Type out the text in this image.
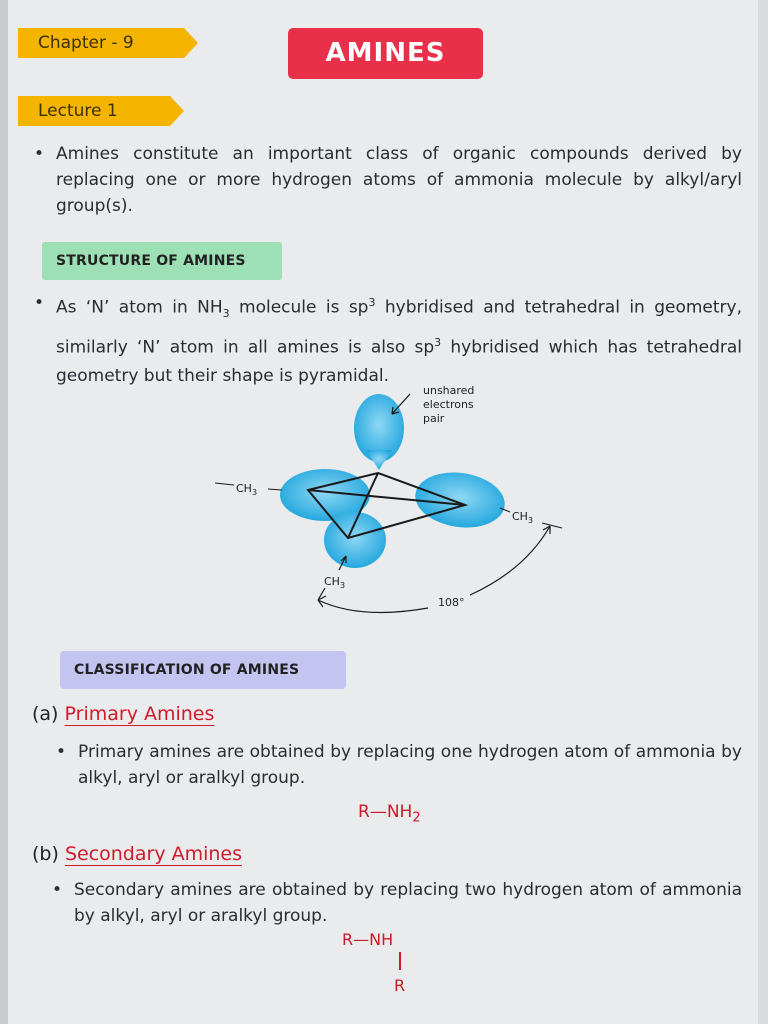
Chapter - 9	AMINES
Lecture 1
• Amines constitute an important class of organic compounds derived by replacing one or more hydrogen atoms of ammonia molecule by alkyl/aryl group(s).
STRUCTURE OF AMINES
• As ‘N’ atom in $NH_3$ molecule is $sp^3$ hybridised and tetrahedral in geometry, similarly ‘N’ atom in all amines is also $sp^3$ hybridised which has tetrahedral geometry but their shape is pyramidal.
unshared
electrons
pair
$CH_3$
$CH_3$
$CH_3$
108°
CLASSIFICATION OF AMINES
(a) Primary Amines
• Primary amines are obtained by replacing one hydrogen atom of ammonia by alkyl, aryl or aralkyl group.
$R—NH_2$
(b) Secondary Amines
• Secondary amines are obtained by replacing two hydrogen atom of ammonia by alkyl, aryl or aralkyl group.
R—NH
R
